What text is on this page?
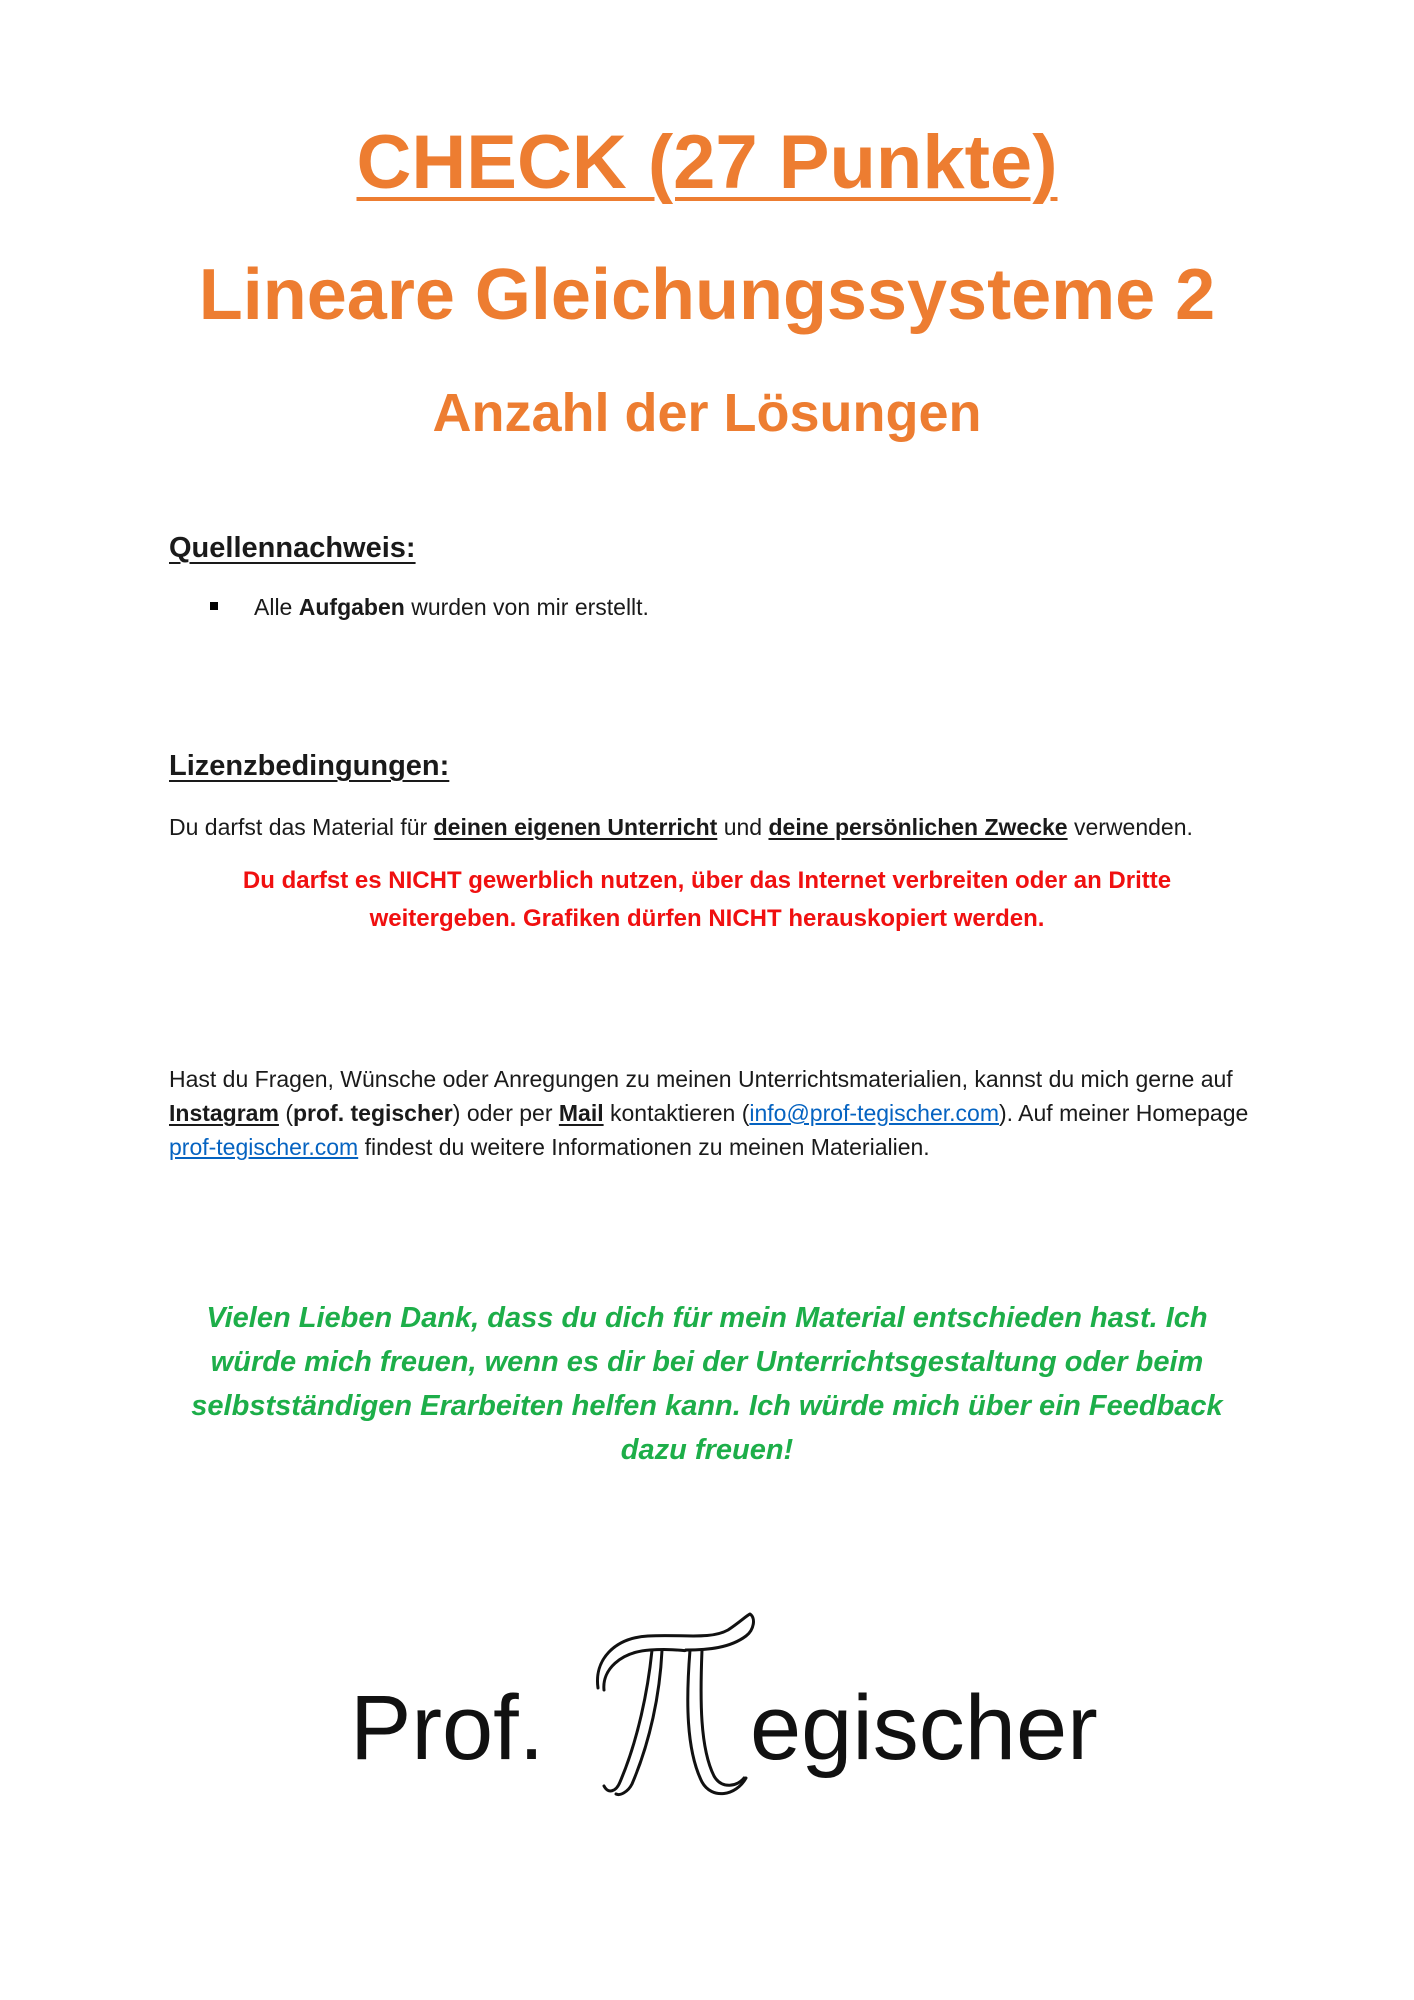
CHECK (27 Punkte)
Lineare Gleichungssysteme 2
Anzahl der Lösungen
Quellennachweis:
Alle Aufgaben wurden von mir erstellt.
Lizenzbedingungen:
Du darfst das Material für deinen eigenen Unterricht und deine persönlichen Zwecke verwenden.
Du darfst es NICHT gewerblich nutzen, über das Internet verbreiten oder an Dritte
weitergeben. Grafiken dürfen NICHT herauskopiert werden.
Hast du Fragen, Wünsche oder Anregungen zu meinen Unterrichtsmaterialien, kannst du mich gerne auf Instagram (prof. tegischer) oder per Mail kontaktieren (info@prof-tegischer.com). Auf meiner Homepage prof-tegischer.com findest du weitere Informationen zu meinen Materialien.
Vielen Lieben Dank, dass du dich für mein Material entschieden hast. Ich
würde mich freuen, wenn es dir bei der Unterrichtsgestaltung oder beim
selbstständigen Erarbeiten helfen kann. Ich würde mich über ein Feedback
dazu freuen!
Prof. egischer
